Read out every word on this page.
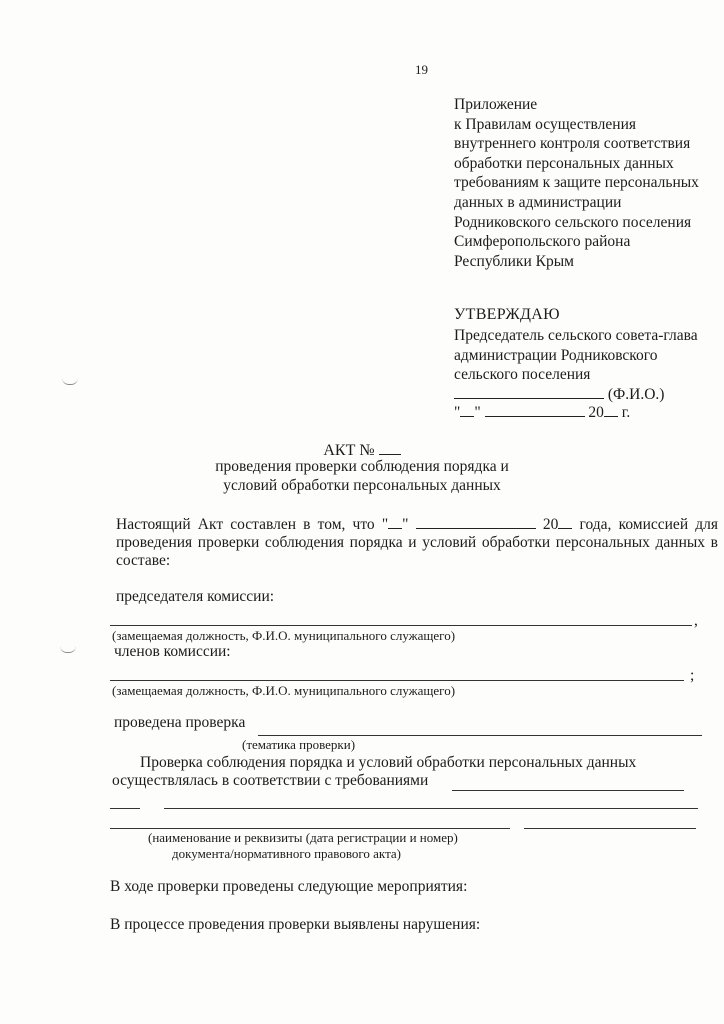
19
Приложение
к Правилам осуществления
внутреннего контроля соответствия
обработки персональных данных
требованиям к защите персональных
данных в администрации
Родниковского сельского поселения
Симферопольского района
Республики Крым
УТВЕРЖДАЮ
Председатель сельского совета-глава
администрации Родниковского
сельского поселения
(Ф.И.О.)
" "	20 г.
АКТ №
проведения проверки соблюдения порядка и
условий обработки персональных данных
Настоящий Акт составлен в том, что " "	20 года, комиссией для проведения проверки соблюдения порядка и условий обработки персональных данных в составе:
председателя комиссии:
,
(замещаемая должность, Ф.И.О. муниципального служащего)
членов комиссии:
;
(замещаемая должность, Ф.И.О. муниципального служащего)
проведена проверка
(тематика проверки)
Проверка соблюдения порядка и условий обработки персональных данных
осуществлялась в соответствии с требованиями
(наименование и реквизиты (дата регистрации и номер)
документа/нормативного правового акта)
В ходе проверки проведены следующие мероприятия:
В процессе проведения проверки выявлены нарушения:
